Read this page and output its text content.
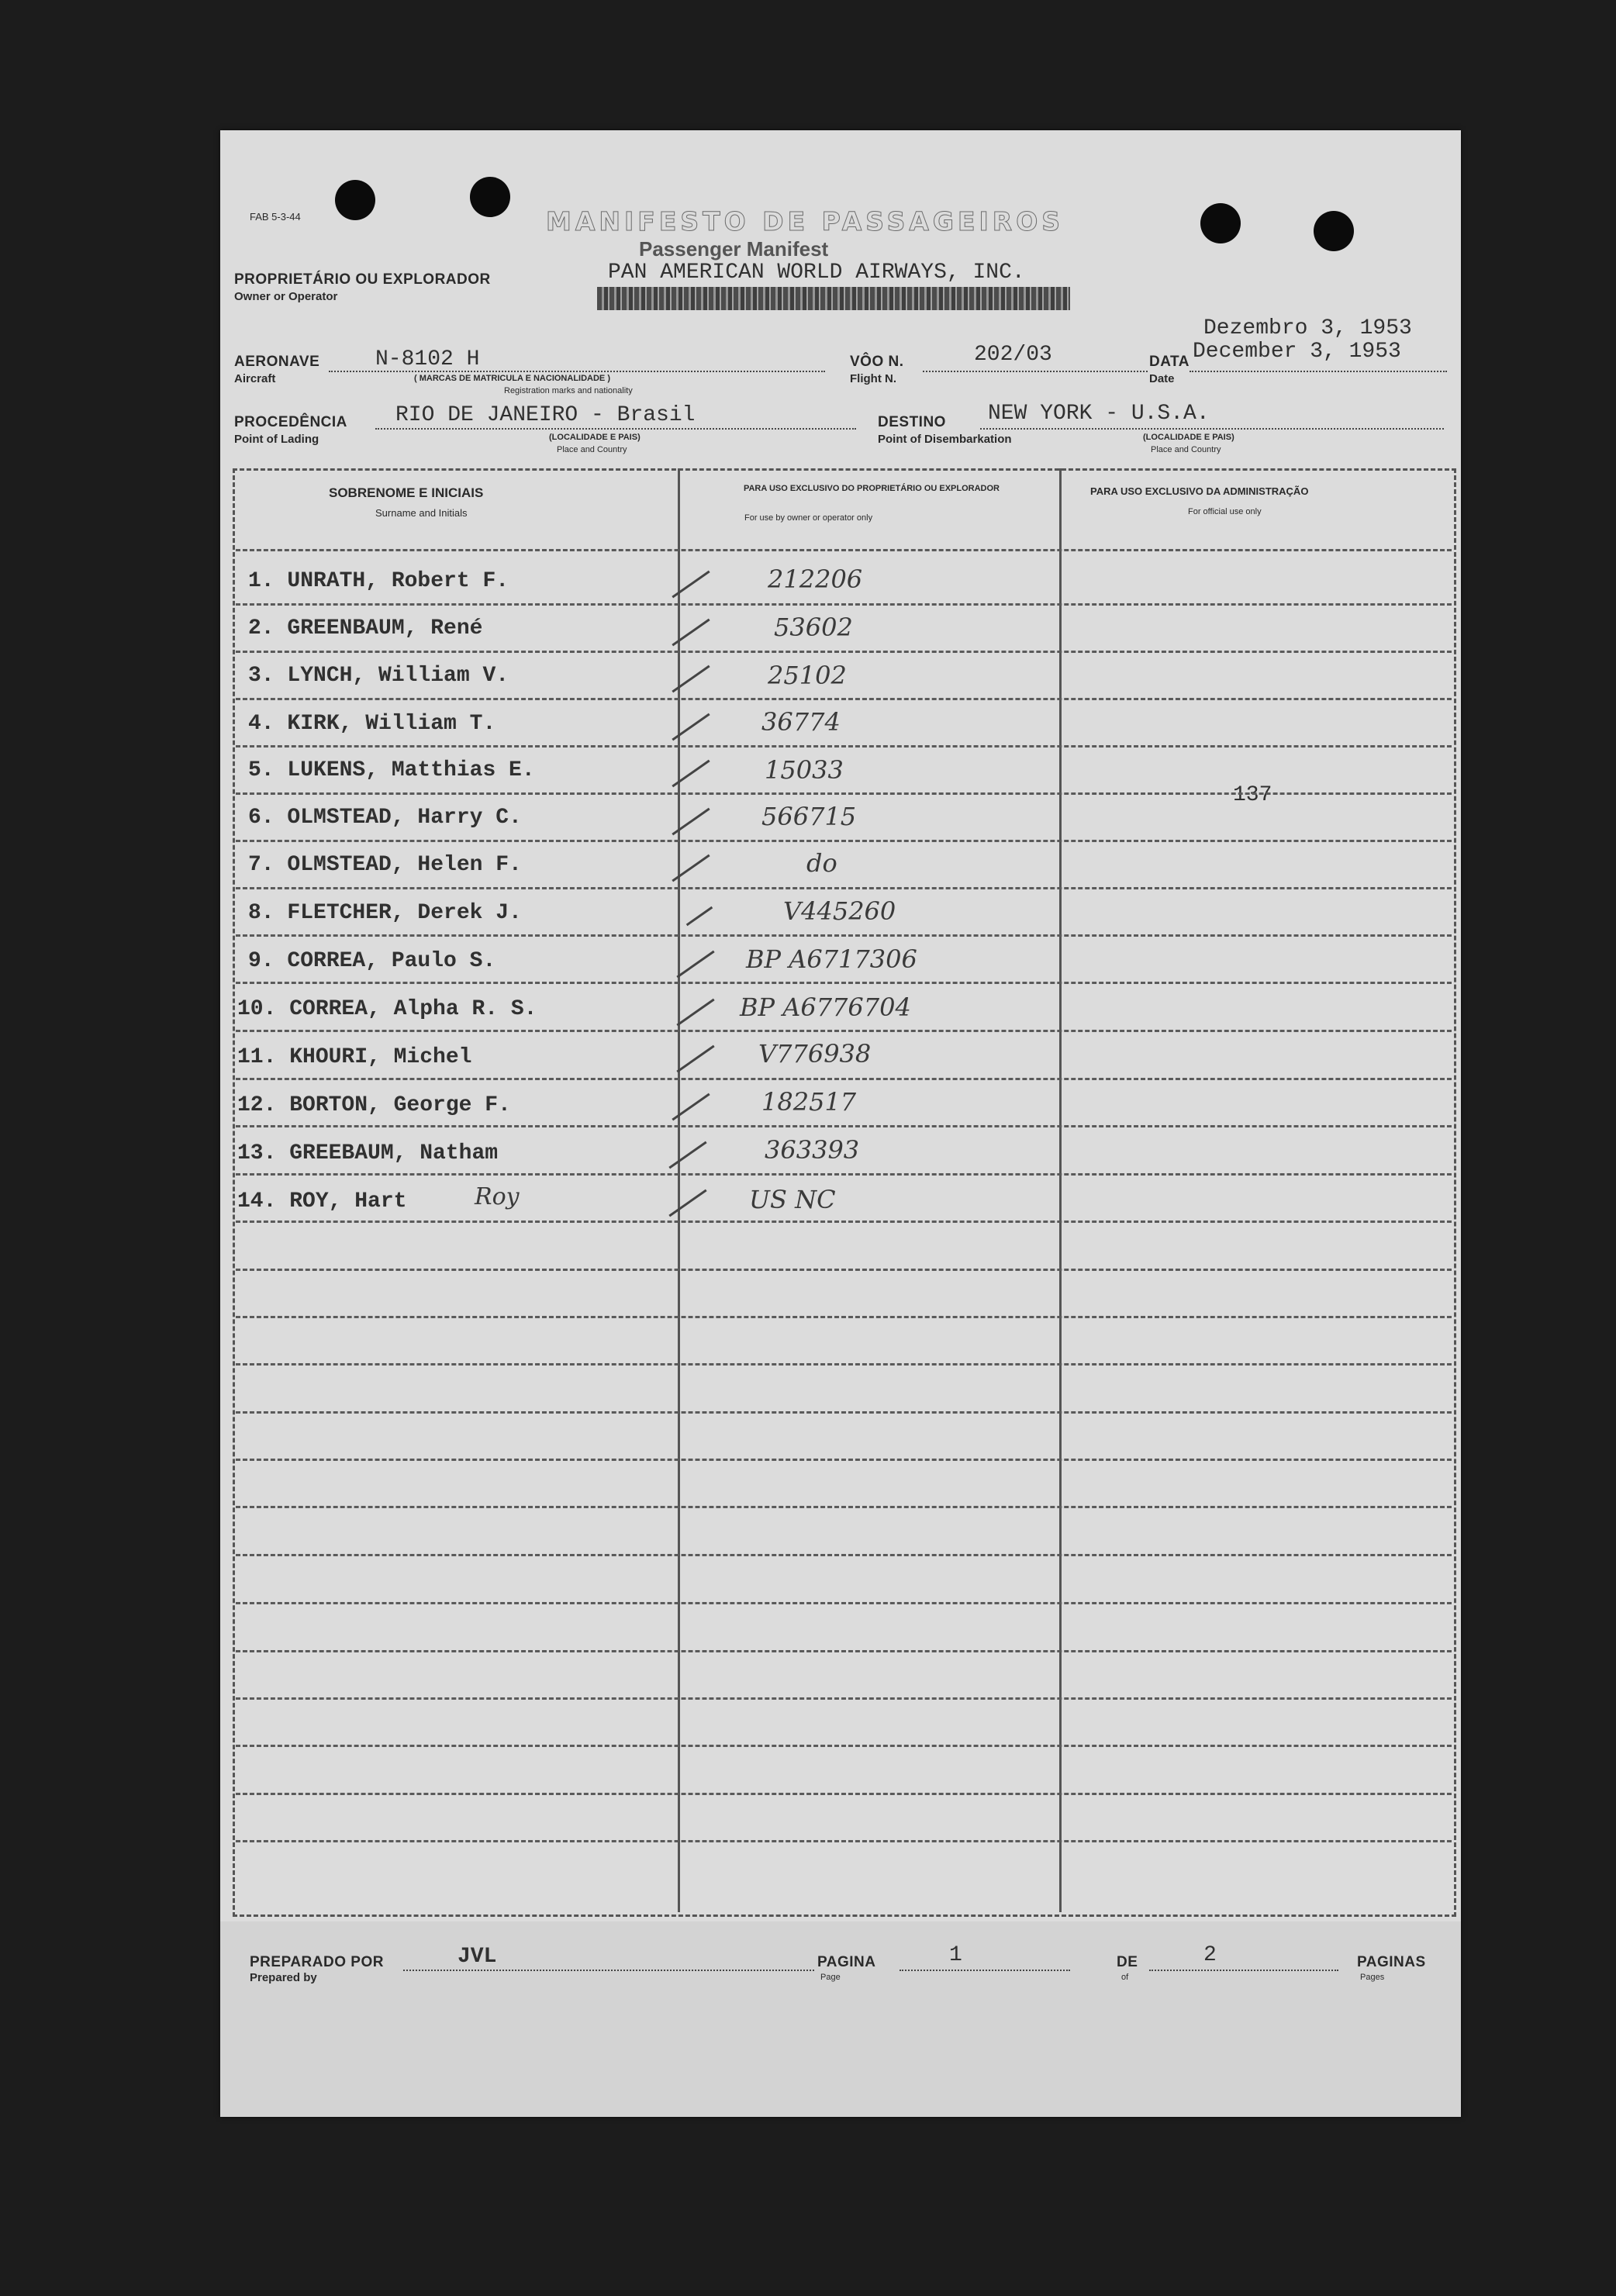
FAB 5-3-44	MANIFESTO DE PASSAGEIROS
Passenger Manifest
PROPRIETÁRIO OU EXPLORADOR
Owner or Operator
PAN AMERICAN WORLD AIRWAYS, INC.
Dezembro 3, 1953
AERONAVE
Aircraft
N-8102 H
( MARCAS DE MATRICULA E NACIONALIDADE )
Registration marks and nationality
VÔO N.
Flight N.
202/03	DATA
Date
December 3, 1953
PROCEDÊNCIA
Point of Lading
RIO DE JANEIRO - Brasil
(LOCALIDADE E PAIS)
Place and Country
DESTINO
Point of Disembarkation
NEW YORK - U.S.A.
(LOCALIDADE E PAIS)
Place and Country
SOBRENOME E INICIAIS
Surname and Initials
PARA USO EXCLUSIVO DO PROPRIETÁRIO OU EXPLORADOR
For use by owner or operator only
PARA USO EXCLUSIVO DA ADMINISTRAÇÃO
For official use only
137
1. UNRATH, Robert F.	212206
2. GREENBAUM, René	53602
3. LYNCH, William V.	25102
4. KIRK, William T.	36774
5. LUKENS, Matthias E.	15033
6. OLMSTEAD, Harry C.	566715
7. OLMSTEAD, Helen F.	do
8. FLETCHER, Derek J.	V445260
9. CORREA, Paulo S.	BP A6717306
10. CORREA, Alpha R. S.	BP A6776704
11. KHOURI, Michel	V776938
12. BORTON, George F.	182517
13. GREEBAUM, Natham	363393
14. ROY, Hart	Roy	US NC
PREPARADO POR
Prepared by
JVL	PAGINA
Page
1	DE
of
2	PAGINAS
Pages
